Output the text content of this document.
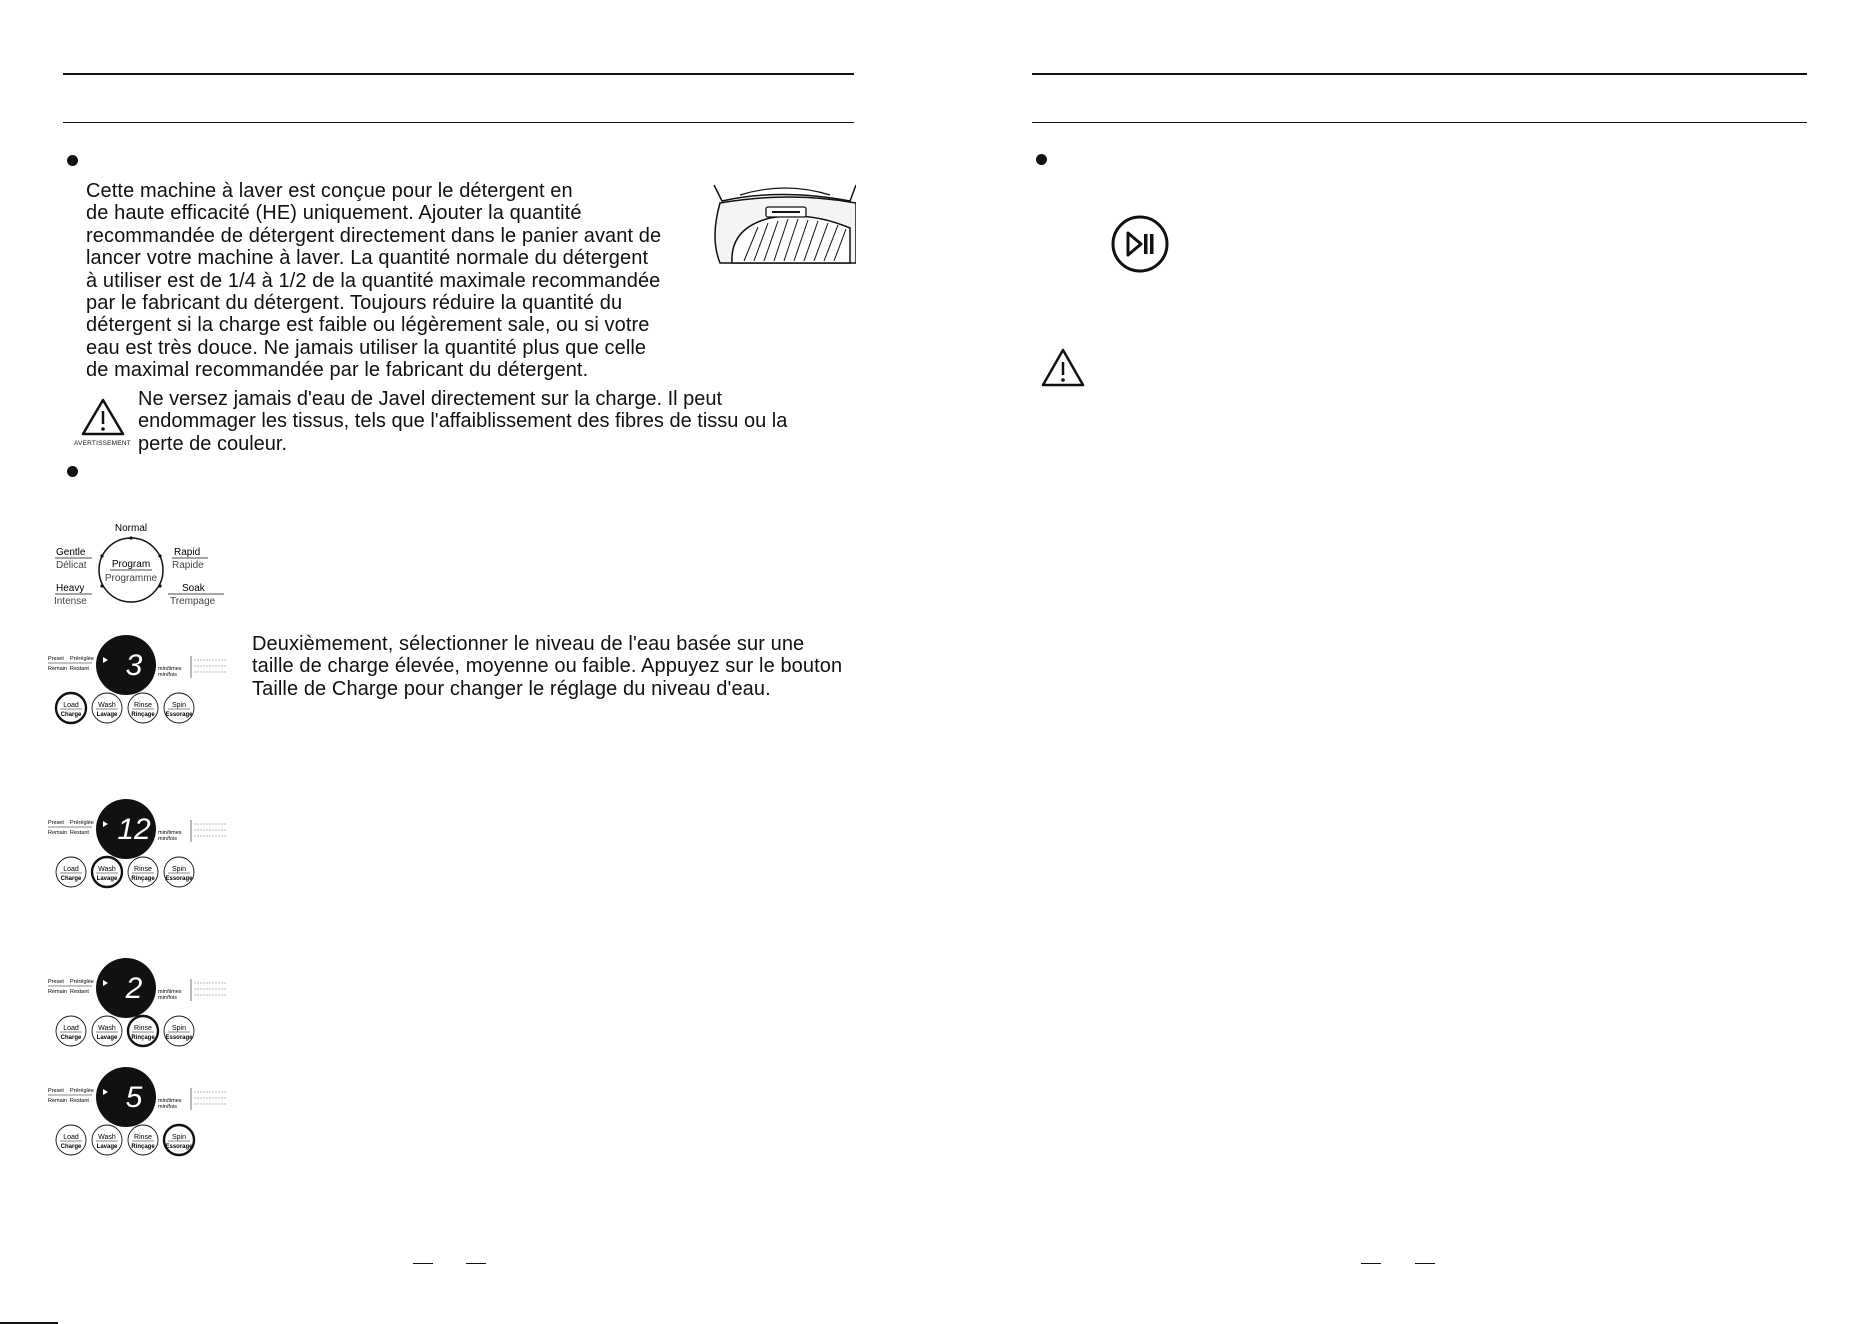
Cette machine à laver est conçue pour le détergent en
de haute efficacité (HE) uniquement. Ajouter la quantité
recommandée de détergent directement dans le panier avant de
lancer votre machine à laver. La quantité normale du détergent
à utiliser est de 1/4 à 1/2 de la quantité maximale recommandée
par le fabricant du détergent. Toujours réduire la quantité du
détergent si la charge est faible ou légèrement sale, ou si votre
eau est très douce. Ne jamais utiliser la quantité plus que celle
de maximal recommandée par le fabricant du détergent.
AVERTISSEMENT
Ne versez jamais d'eau de Javel directement sur la charge. Il peut
endommager les tissus, tels que l'affaiblissement des fibres de tissu ou la
perte de couleur.
Normal
Program
Programme
Gentle
Délicat
Heavy
Intense
Rapid
Rapide
Soak
Trempage
Deuxièmement, sélectionner le niveau de l'eau basée sur une
taille de charge élevée, moyenne ou faible. Appuyez sur le bouton
Taille de Charge pour changer le réglage du niveau d'eau.
Preset Préréglée
Remain Restant 3	min/times
min/fois
Load
Charge
Wash
Lavage
Rinse
Rinçage
Spin
Essorage
Preset Préréglée
Remain Restant 12 min/times
min/fois
Load
Charge
Wash
Lavage
Rinse
Rinçage
Spin
Essorage
Preset Préréglée
Remain Restant 2	min/times
min/fois
Load
Charge
Wash
Lavage
Rinse
Rinçage
Spin
Essorage
Preset Préréglée
Remain Restant 5	min/times
min/fois
Load
Charge
Wash
Lavage
Rinse
Rinçage
Spin
Essorage
